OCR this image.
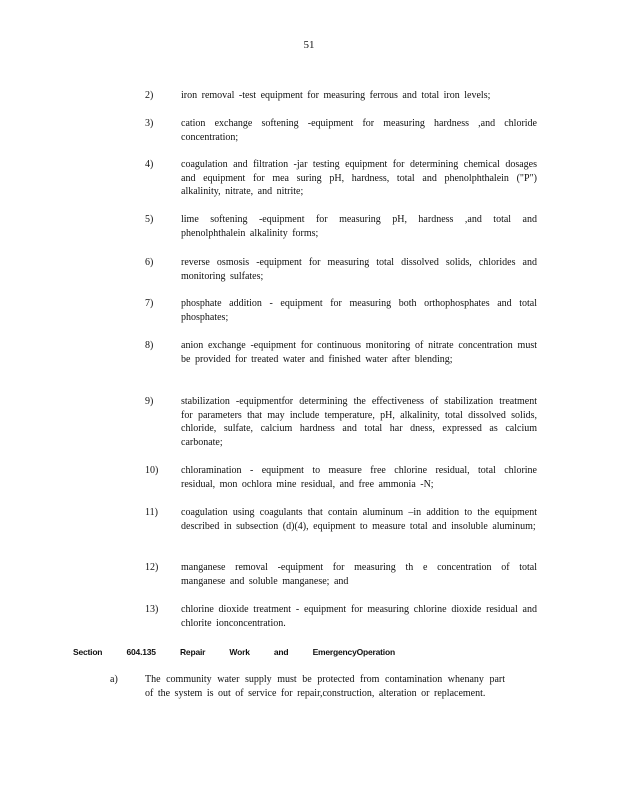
51
2)	iron removal -test equipment for measuring ferrous and total iron levels;
3)	cation exchange softening -equipment for measuring hardness ,and chloride concentration;
4)	coagulation and filtration -jar testing equipment for determining chemical dosages and equipment for mea suring pH, hardness, total and phenolphthalein ("P") alkalinity, nitrate, and nitrite;
5)	lime softening -equipment for measuring pH, hardness ,and total and phenolphthalein alkalinity forms;
6)	reverse osmosis -equipment for measuring total dissolved solids, chlorides and monitoring sulfates;
7)	phosphate addition - equipment for measuring both orthophosphates and total phosphates;
8)	anion exchange -equipment for continuous monitoring of nitrate concentration must be provided for treated water and finished water after blending;
9)	stabilization -equipmentfor determining the effectiveness of stabilization treatment for parameters that may include temperature, pH, alkalinity, total dissolved solids, chloride, sulfate, calcium hardness and total har dness, expressed as calcium carbonate;
10)	chloramination - equipment to measure free chlorine residual, total chlorine residual, mon ochlora mine residual, and free ammonia -N;
11)	coagulation using coagulants that contain aluminum –in addition to the equipment described in subsection (d)(4), equipment to measure total and insoluble aluminum;
12)	manganese removal -equipment for measuring th e concentration of total manganese and soluble manganese; and
13)	chlorine dioxide treatment - equipment for measuring chlorine dioxide residual and chlorite ionconcentration.
Section	604.135	Repair	Work	and	EmergencyOperation
a)	The community water supply must be protected from contamination whenany part of the system is out of service for repair,construction, alteration or replacement.
